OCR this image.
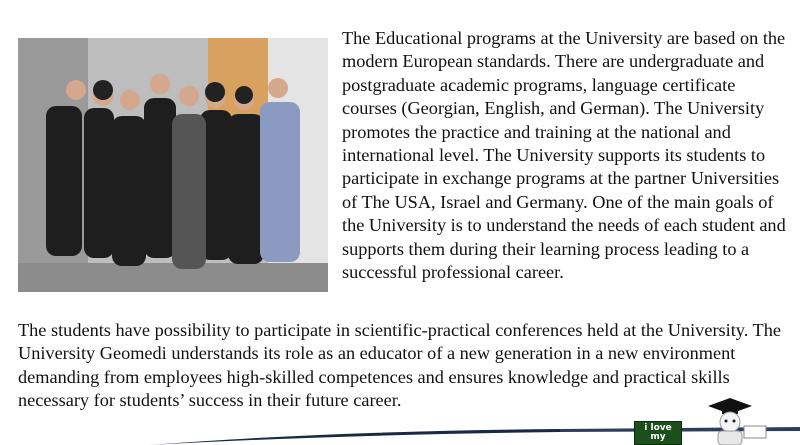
The Educational programs at the University are based on the modern European standards. There are undergraduate and postgraduate academic programs, language certificate courses (Georgian, English, and German). The University promotes the practice and training at the national and international level. The University supports its students to participate in exchange programs at the partner Universities of The USA, Israel and Germany. One of the main goals of the University is to understand the needs of each student and supports them during their learning process leading to a successful professional career.

The students have possibility to participate in scientific-practical conferences held at the University. The University Geomedi understands its role as an educator of a new generation in a new environment demanding from employees high-skilled competences and ensures knowledge and practical skills necessary for students’ success in their future career.

i love
my
